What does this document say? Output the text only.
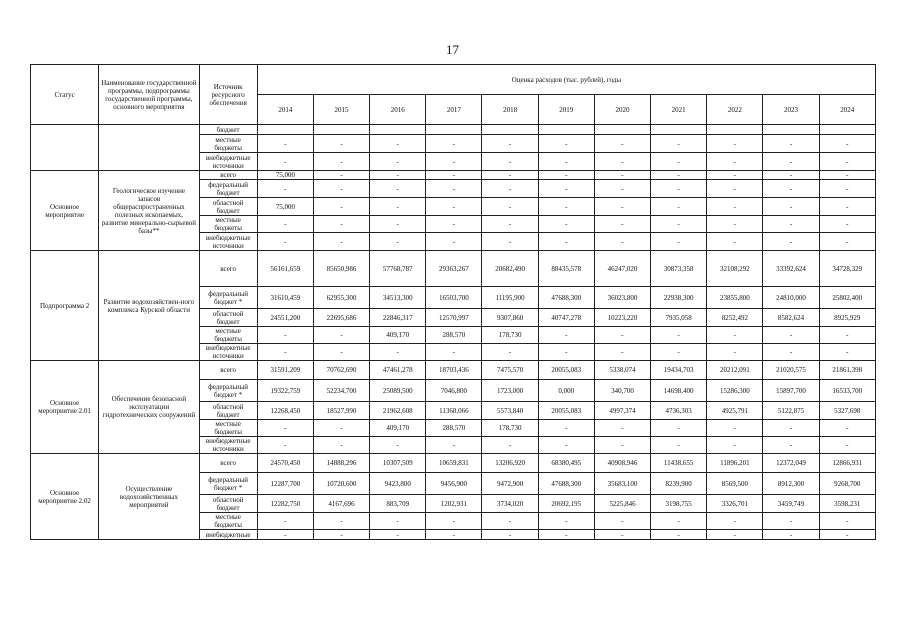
17
Статус	Наименование государственной программы, подпрограммы государственной программы, основного мероприятия	Источник ресурсного обеспечения	Оценка расходов (тыс. рублей), годы										
			2014	2015	2016	2017	2018	2019	2020	2021	2022	2023	2024
		бюджет											
		местные бюджеты	-	-	-	-	-	-	-	-	-	-	-
		внебюджетные источники	-	-	-	-	-	-	-	-	-	-	-
Основное мероприятие	Геологическое изучение запасов общераспространенных полезных ископаемых, развитие минерально-сырьевой базы**	всего	75,000	-	-	-	-	-	-	-	-	-	-
		федеральный бюджет	-	-	-	-	-	-	-	-	-	-	-
		областной бюджет	75,000	-	-	-	-	-	-	-	-	-	-
		местные бюджеты	-	-	-	-	-	-	-	-	-	-	-
		внебюджетные источники	-	-	-	-	-	-	-	-	-	-	-
Подпрограмма 2	Развитие водохозяйствен-ного комплекса Курской области	всего	56161,659	85650,986	57768,787	29363,267	20682,490	88435,578	46247,020	30873,358	32108,292	33392,624	34728,329
		федеральный бюджет *	31610,459	62955,300	34513,300	16503,700	11195,900	47688,300	36023,800	22938,300	23855,800	24810,000	25802,400
		областной бюджет	24551,200	22695,686	22846,317	12570,997	9307,860	40747,278	10223,220	7935,058	8252,492	8582,624	8925,929
		местные бюджеты	-	-	409,170	288,570	178,730	-	-	-	-	-	-
		внебюджетные источники	-	-	-	-	-	-	-	-	-	-	-
Основное мероприятие 2.01	Обеспечение безопасной эксплуатации гидротехнических сооружений	всего	31591,209	70762,690	47461,278	18703,436	7475,570	20055,083	5338,074	19434,703	20212,091	21020,575	21861,398
		федеральный бюджет *	19322,759	52234,700	25089,500	7046,800	1723,000	0,000	340,700	14698,400	15286,300	15897,700	16533,700
		областной бюджет	12268,450	18527,990	21962,608	11368,066	5573,840	20055,083	4997,374	4736,303	4925,791	5122,875	5327,698
		местные бюджеты	-	-	409,170	288,570	178,730	-	-	-	-	-	-
		внебюджетные источники	-	-	-	-	-	-	-	-	-	-	-
Основное мероприятие 2.02	Осуществление водохозяйственных мероприятий	всего	24570,450	14888,296	10307,509	10659,831	13206,920	68380,495	40908,946	11438,655	11896,201	12372,049	12866,931
		федеральный бюджет *	12287,700	10720,600	9423,800	9456,900	9472,900	47688,300	35683,100	8239,900	8569,500	8912,300	9268,700
		областной бюджет	12282,750	4167,696	883,709	1202,931	3734,020	20692,195	5225,846	3198,755	3326,701	3459,749	3598,231
		местные бюджеты	-	-	-	-	-	-	-	-	-	-	-
		внебюджетные	-	-	-	-	-	-	-	-	-	-	-
